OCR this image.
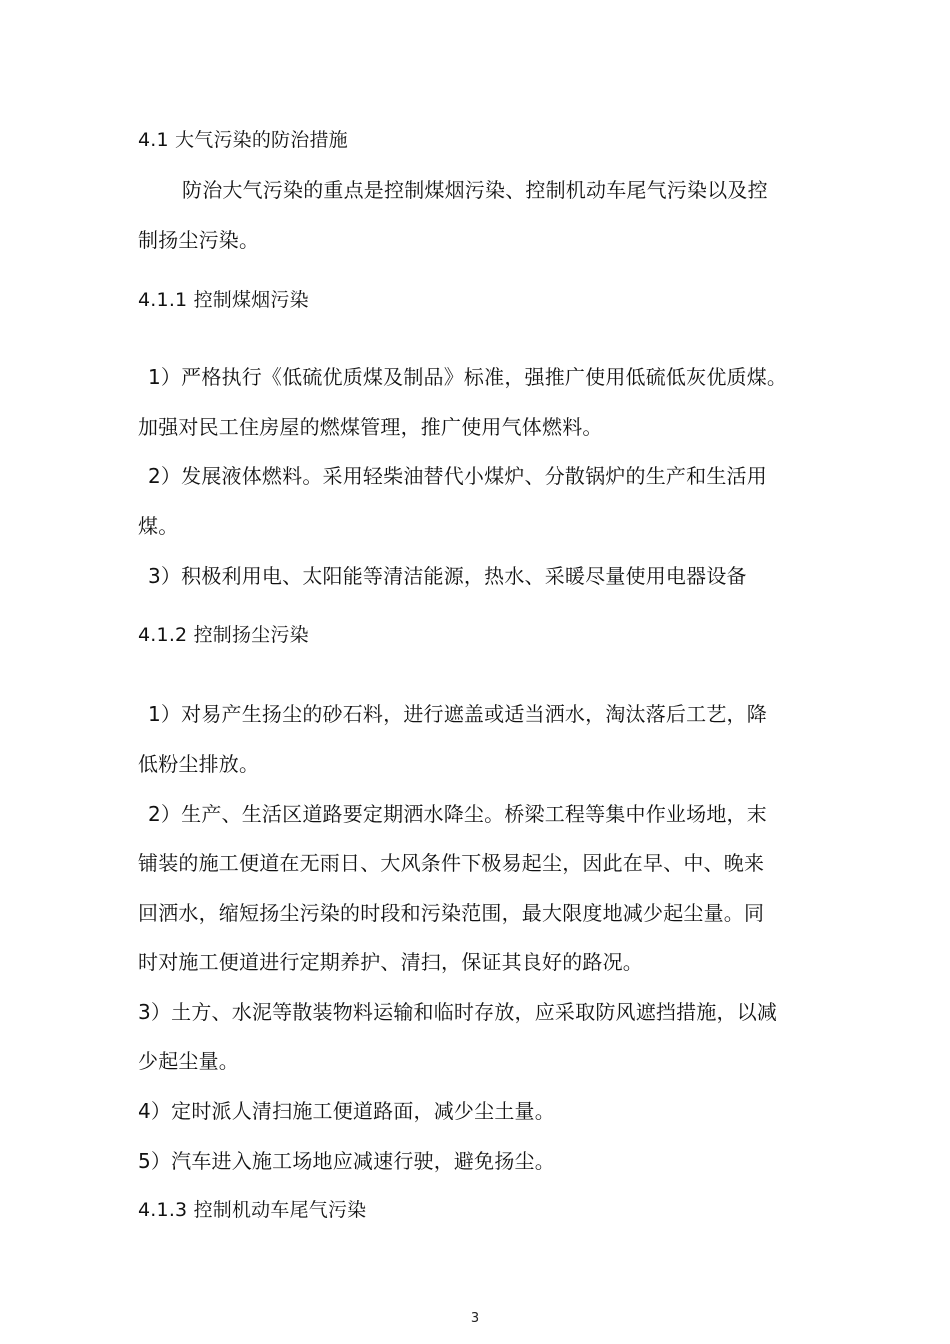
4.1 大气污染的防治措施
防治大气污染的重点是控制煤烟污染、控制机动车尾气污染以及控
制扬尘污染。
4.1.1 控制煤烟污染
1）严格执行《低硫优质煤及制品》标准，强推广使用低硫低灰优质煤。
加强对民工住房屋的燃煤管理，推广使用气体燃料。
2）发展液体燃料。采用轻柴油替代小煤炉、分散锅炉的生产和生活用
煤。
3）积极利用电、太阳能等清洁能源，热水、采暖尽量使用电器设备
4.1.2 控制扬尘污染
1）对易产生扬尘的砂石料，进行遮盖或适当洒水，淘汰落后工艺，降
低粉尘排放。
2）生产、生活区道路要定期洒水降尘。桥梁工程等集中作业场地，末
铺装的施工便道在无雨日、大风条件下极易起尘，因此在早、中、晚来
回洒水，缩短扬尘污染的时段和污染范围，最大限度地减少起尘量。同
时对施工便道进行定期养护、清扫，保证其良好的路况。
3）土方、水泥等散装物料运输和临时存放，应采取防风遮挡措施，以减
少起尘量。
4）定时派人清扫施工便道路面，减少尘土量。
5）汽车进入施工场地应减速行驶，避免扬尘。
4.1.3 控制机动车尾气污染
3
